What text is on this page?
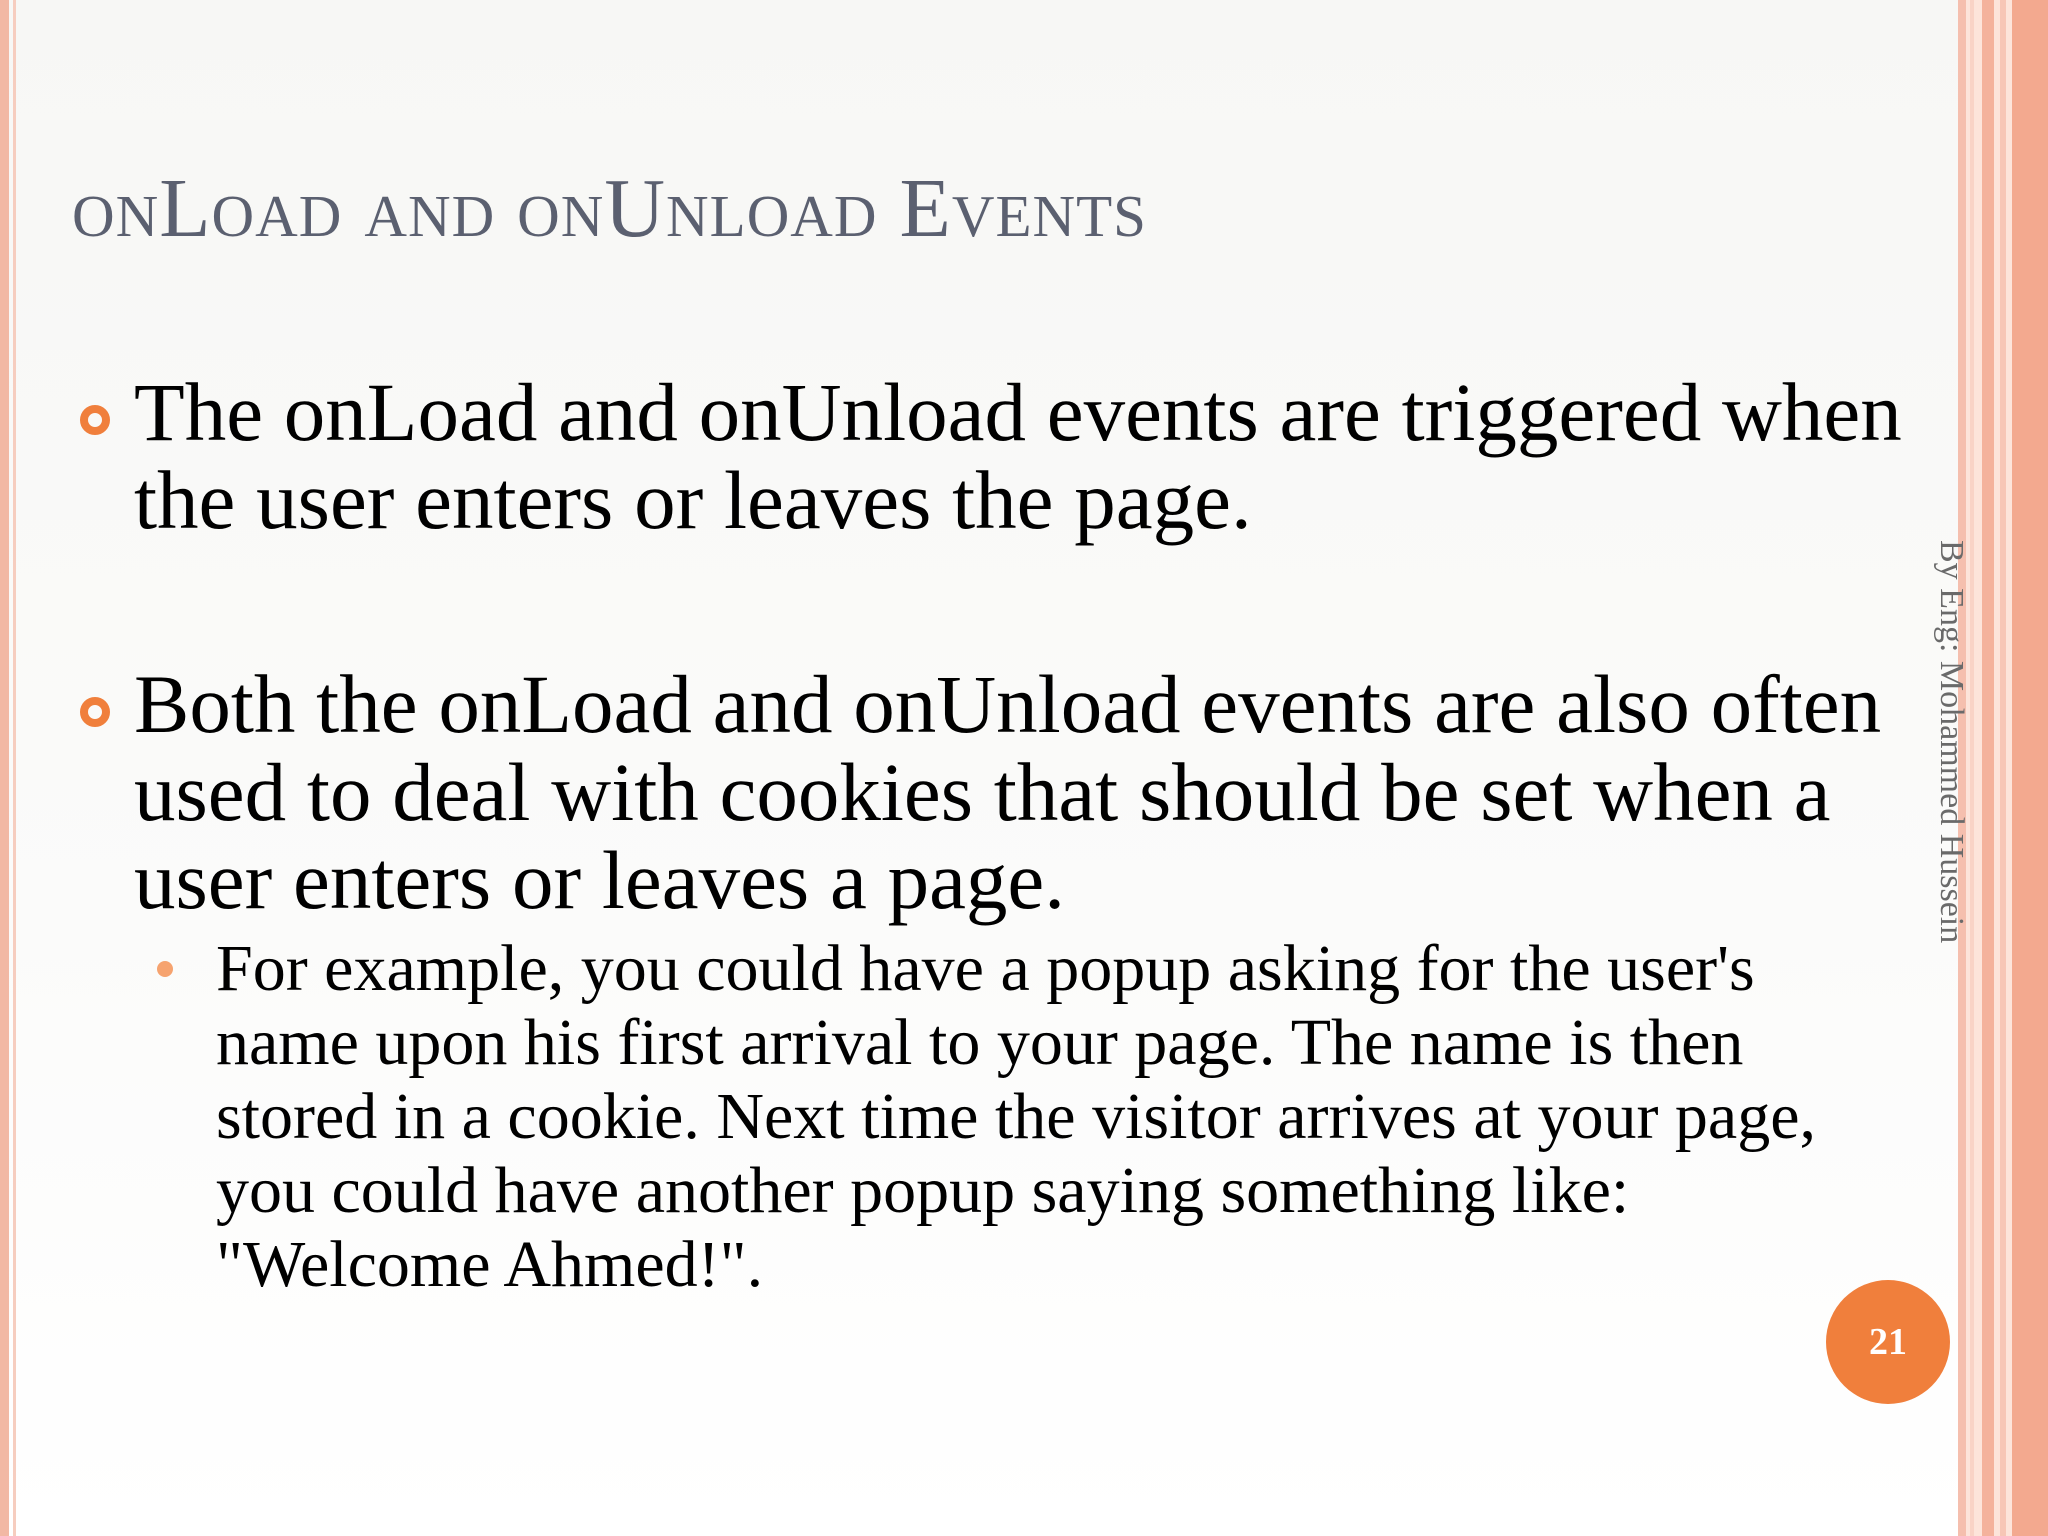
onLoad and onUnload Events
The onLoad and onUnload events are triggered when the user enters or leaves the page.
Both the onLoad and onUnload events are also often used to deal with cookies that should be set when a user enters or leaves a page.
For example, you could have a popup asking for the user's name upon his first arrival to your page. The name is then stored in a cookie. Next time the visitor arrives at your page, you could have another popup saying something like: "Welcome Ahmed!".
By Eng: Mohammed Hussein
21
